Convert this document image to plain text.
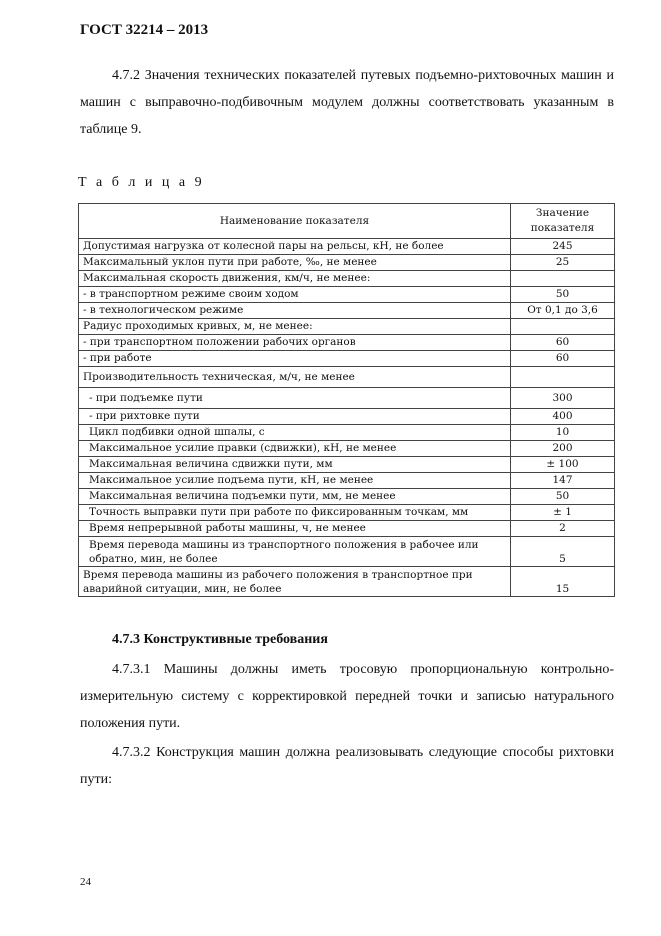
ГОСТ 32214 – 2013
4.7.2 Значения технических показателей путевых подъемно-рихтовочных машин и машин с выправочно-подбивочным модулем должны соответствовать указанным в таблице 9.
Т а б л и ц а 9
Наименование показателя	Значение показателя
Допустимая нагрузка от колесной пары на рельсы, кН, не более	245
Максимальный уклон пути при работе, ‰, не менее	25
Максимальная скорость движения, км/ч, не менее:	
- в транспортном режиме своим ходом	50
- в технологическом режиме	От 0,1 до 3,6
Радиус проходимых кривых, м, не менее:	
- при транспортном положении рабочих органов	60
- при работе	60
Производительность техническая, м/ч, не менее	
- при подъемке пути	300
- при рихтовке пути	400
Цикл подбивки одной шпалы, с	10
Максимальное усилие правки (сдвижки), кН, не менее	200
Максимальная величина сдвижки пути, мм	± 100
Максимальное усилие подъема пути, кН, не менее	147
Максимальная величина подъемки пути, мм, не менее	50
Точность выправки пути при работе по фиксированным точкам, мм	± 1
Время непрерывной работы машины, ч, не менее	2
Время перевода машины из транспортного положения в рабочее или обратно, мин, не более	5
Время перевода машины из рабочего положения в транспортное при аварийной ситуации, мин, не более	15
4.7.3 Конструктивные требования
4.7.3.1 Машины должны иметь тросовую пропорциональную контрольно-измерительную систему с корректировкой передней точки и записью натурального положения пути.
4.7.3.2 Конструкция машин должна реализовывать следующие способы рихтовки пути:
24
